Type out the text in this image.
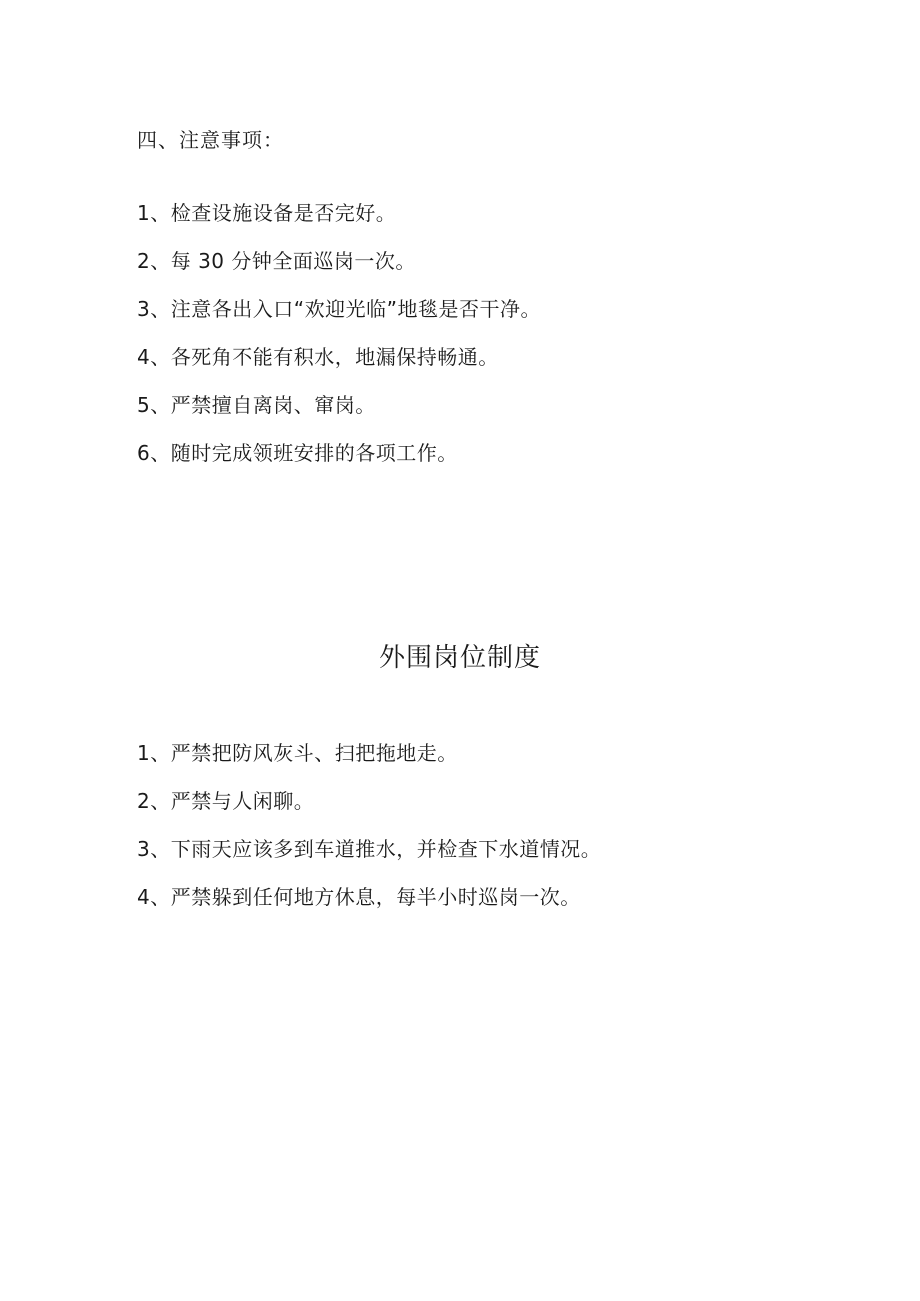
四、注意事项：
1、检查设施设备是否完好。
2、每 30 分钟全面巡岗一次。
3、注意各出入口“欢迎光临”地毯是否干净。
4、各死角不能有积水，地漏保持畅通。
5、严禁擅自离岗、窜岗。
6、随时完成领班安排的各项工作。
外围岗位制度
1、严禁把防风灰斗、扫把拖地走。
2、严禁与人闲聊。
3、下雨天应该多到车道推水，并检查下水道情况。
4、严禁躲到任何地方休息，每半小时巡岗一次。
